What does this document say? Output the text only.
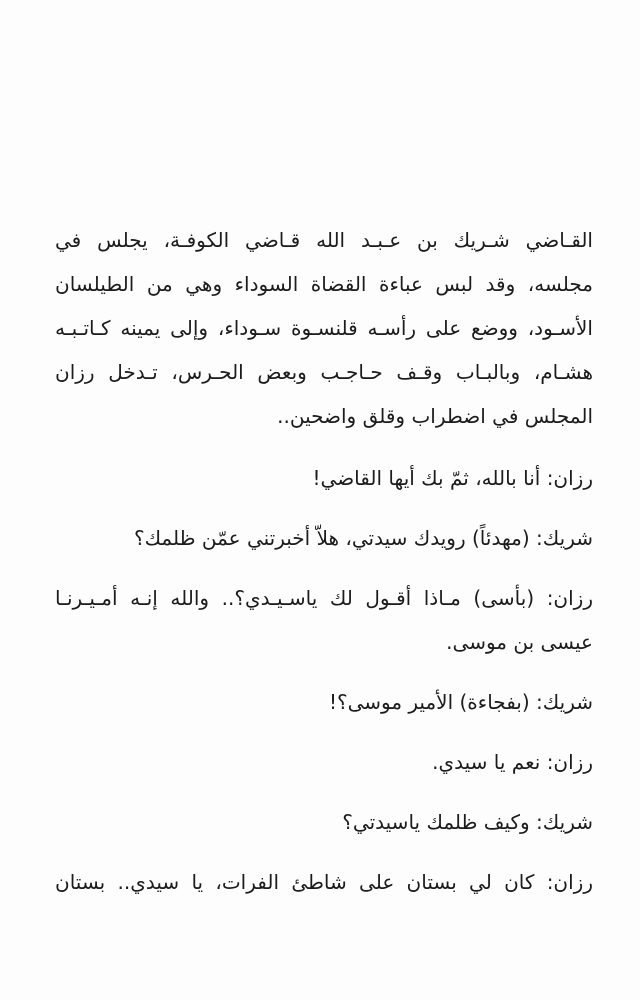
القـاضي شـريك بن عـبـد الله قـاضي الكوفـة، يجلس في
مجلسه، وقد لبس عباءة القضاة السوداء وهي من الطيلسان
الأسـود، ووضع على رأسـه قلنسـوة سـوداء، وإلى يمينه كـاتـبـه
هشـام، وبالبـاب وقـف حـاجـب وبعض الحـرس، تـدخل رزان
المجلس في اضطراب وقلق واضحين..

رزان: أنا بالله، ثمّ بك أيها القاضي!

شريك: (مهدئاً) رويدك سيدتي، هلاّ أخبرتني عمّن ظلمك؟

رزان: (بأسى) مـاذا أقـول لك ياسـيـدي؟.. والله إنـه أمـيـرنـا

عيسى بن موسى.

شريك: (بفجاءة) الأمير موسى؟!

رزان: نعم يا سيدي.

شريك: وكيف ظلمك ياسيدتي؟

رزان: كان لي بستان على شاطئ الفرات، يا سيدي.. بستان
